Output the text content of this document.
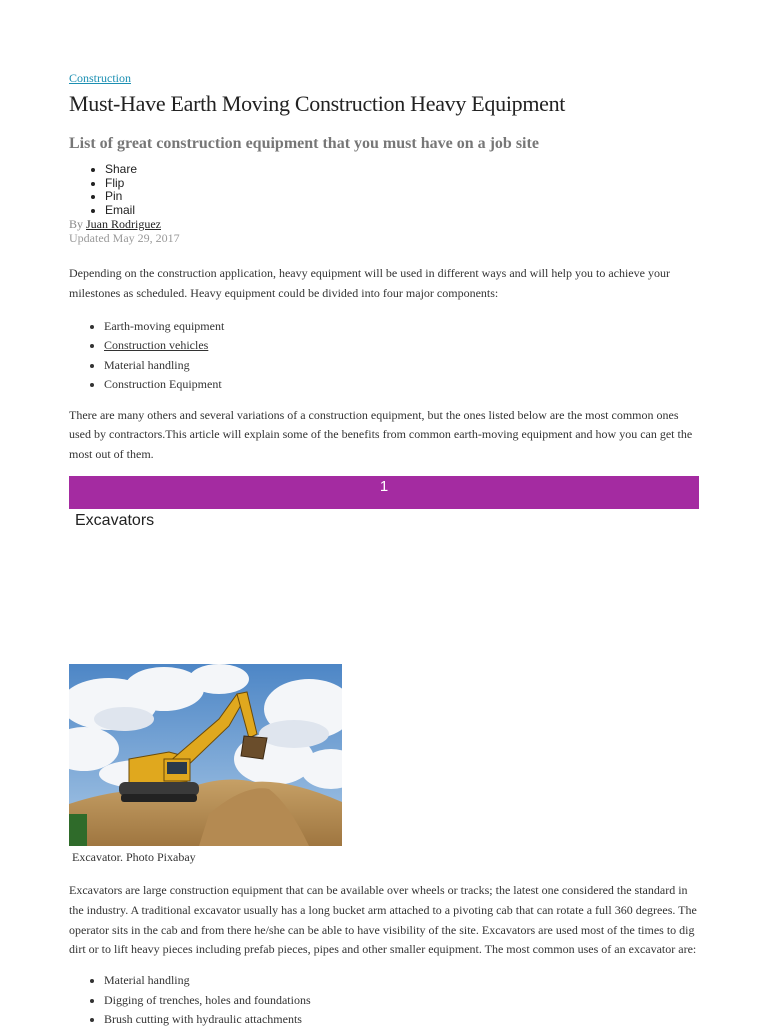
Construction
Must-Have Earth Moving Construction Heavy Equipment
List of great construction equipment that you must have on a job site
• Share
• Flip
• Pin
• Email
By Juan Rodriguez
Updated May 29, 2017

Depending on the construction application, heavy equipment will be used in different ways and will help you to achieve your milestones as scheduled. Heavy equipment could be divided into four major components:

• Earth-moving equipment
• Construction vehicles
• Material handling
• Construction Equipment

There are many others and several variations of a construction equipment, but the ones listed below are the most common ones used by contractors.This article will explain some of the benefits from common earth-moving equipment and how you can get the most out of them.

1
Excavators
Excavator. Photo Pixabay

Excavators are large construction equipment that can be available over wheels or tracks; the latest one considered the standard in the industry. A traditional excavator usually has a long bucket arm attached to a pivoting cab that can rotate a full 360 degrees. The operator sits in the cab and from there he/she can be able to have visibility of the site. Excavators are used most of the times to dig dirt or to lift heavy pieces including prefab pieces, pipes and other smaller equipment. The most common uses of an excavator are:

• Material handling
• Digging of trenches, holes and foundations
• Brush cutting with hydraulic attachments
